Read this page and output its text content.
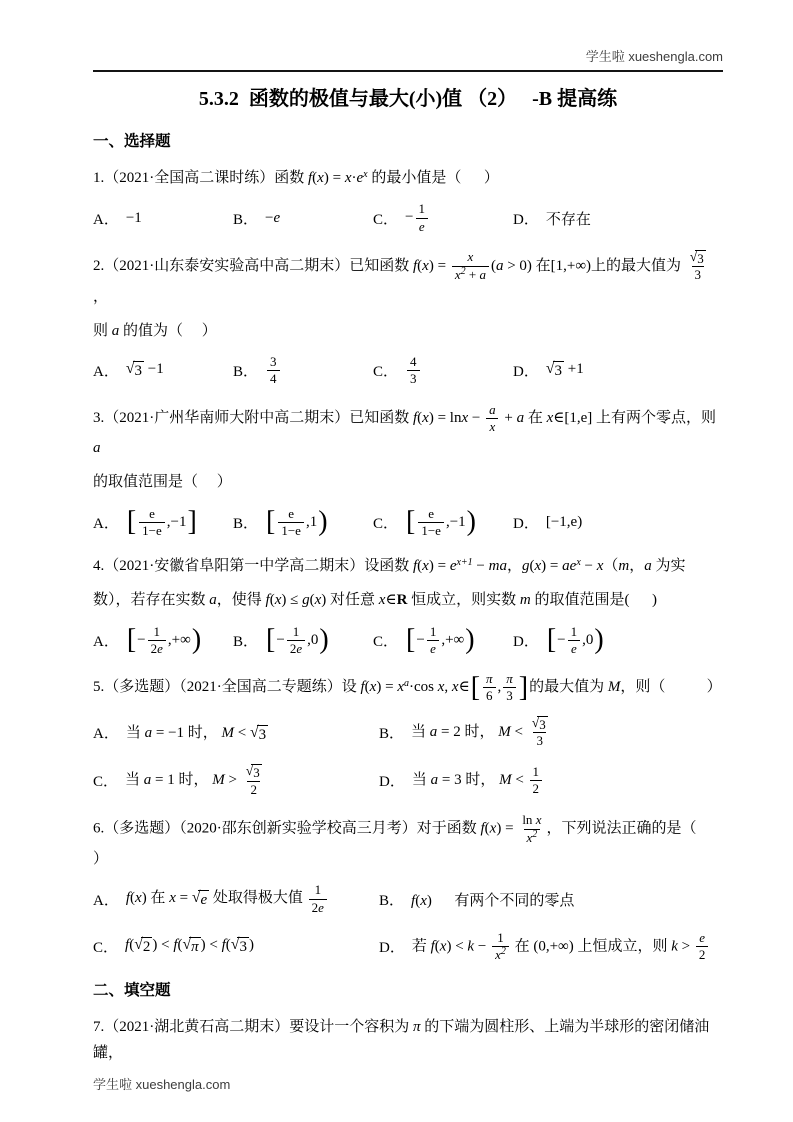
学生啦 xueshengla.com
5.3.2  函数的极值与最大(小)值 （2）   -B 提高练
一、选择题
1.（2021·全国高二课时练）函数 $f(x) = x\cdot e^x$ 的最小值是（      ）
A． −1	B． −e	C． − $\frac{1}{e}$	D． 不存在
2.（2021·山东泰安实验高中高二期末）已知函数 $f(x) = \frac{x}{x^2 + a} (a > 0)$ 在[1,+∞)上的最大值为 $\frac{√ 3}{3}$
，
则 a 的值为（     ）
A． √ 3 −1	B． $\frac{3}{4}$	C． $\frac{4}{3}$	D． √ 3 +1
3.（2021·广州华南师大附中高二期末）已知函数 $f(x) = \ln x - \frac{a}{x} + a$ 在 x∈[1,e] 上有两个零点，则 a
的取值范围是（     ）
A． [ $\frac{e}{1-e} ,-1$] B． [ $\frac{e}{1-e} ,1$)	C． [ $\frac{e}{1-e} ,-1$) D． [−1,e)
4.（2021·安徽省阜阳第一中学高二期末）设函数 $f(x) = e^{x+1}$ − ma，$g(x) = ae^x - x(m$，a 为实
数），若存在实数 a，使得 f(x) ≤ g(x) 对任意 x∈R 恒成立，则实数 m 的取值范围是(      )
A． [− $\frac{1}{2e}$ ,+∞) B． [− $\frac{1}{2e} ,0$)	C． [− $\frac{1}{e}$ ,+∞)	D． [− $\frac{1}{e} ,0$)
5.（多选题）（2021·全国高二专题练）设 $f(x) = x^a\cdot\cos$ x, x∈[ $\frac{\pi}{6}$ , $\frac{\pi}{3}$ ]的最大值为 M，则（           ）
A． 当 a = −1 时， M < √ 3	B． 当 a = 2 时， $M < \frac{√ 3}{3}$
C． 当 a = 1 时， $M > \frac{√ 3}{2}$	D． 当 a = 3 时， $M < \frac{1}{2}$
6.（多选题）（2020·邵东创新实验学校高三月考）对于函数 $f(x) = \frac{\text{ln x}}{x^2}$ ，下列说法正确的是（      ）
A． f(x) 在 x = √ e 处取得极大值 $\frac{1}{2e}$	B． f(x)      有两个不同的零点
C． f( √ 2 ) < f( √ π ) < f( √ 3 )	D． 若 $f(x) < k - \frac{1}{x^2}$ 在 (0,+∞) 上恒成立，则 $k > \frac{e}{2}$
二、填空题
7.（2021·湖北黄石高二期末）要设计一个容积为 π 的下端为圆柱形、上端为半球形的密闭储油罐，
学生啦 xueshengla.com
